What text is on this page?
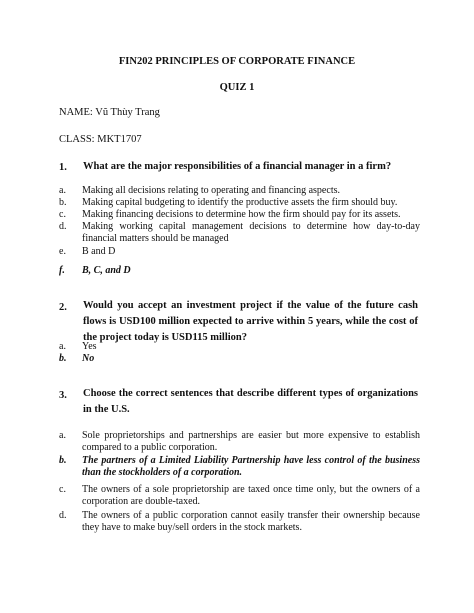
FIN202 PRINCIPLES OF CORPORATE FINANCE
QUIZ 1
NAME: Vũ Thùy Trang
CLASS: MKT1707
1. What are the major responsibilities of a financial manager in a firm?
a. Making all decisions relating to operating and financing aspects.
b. Making capital budgeting to identify the productive assets the firm should buy.
c. Making financing decisions to determine how the firm should pay for its assets.
d. Making working capital management decisions to determine how day-to-day financial matters should be managed
e. B and D
f. B, C, and D
2. Would you accept an investment project if the value of the future cash flows is USD100 million expected to arrive within 5 years, while the cost of the project today is USD115 million?
a. Yes
b. No
3. Choose the correct sentences that describe different types of organizations in the U.S.
a. Sole proprietorships and partnerships are easier but more expensive to establish compared to a public corporation.
b. The partners of a Limited Liability Partnership have less control of the business than the stockholders of a corporation.
c. The owners of a sole proprietorship are taxed once time only, but the owners of a corporation are double-taxed.
d. The owners of a public corporation cannot easily transfer their ownership because they have to make buy/sell orders in the stock markets.
